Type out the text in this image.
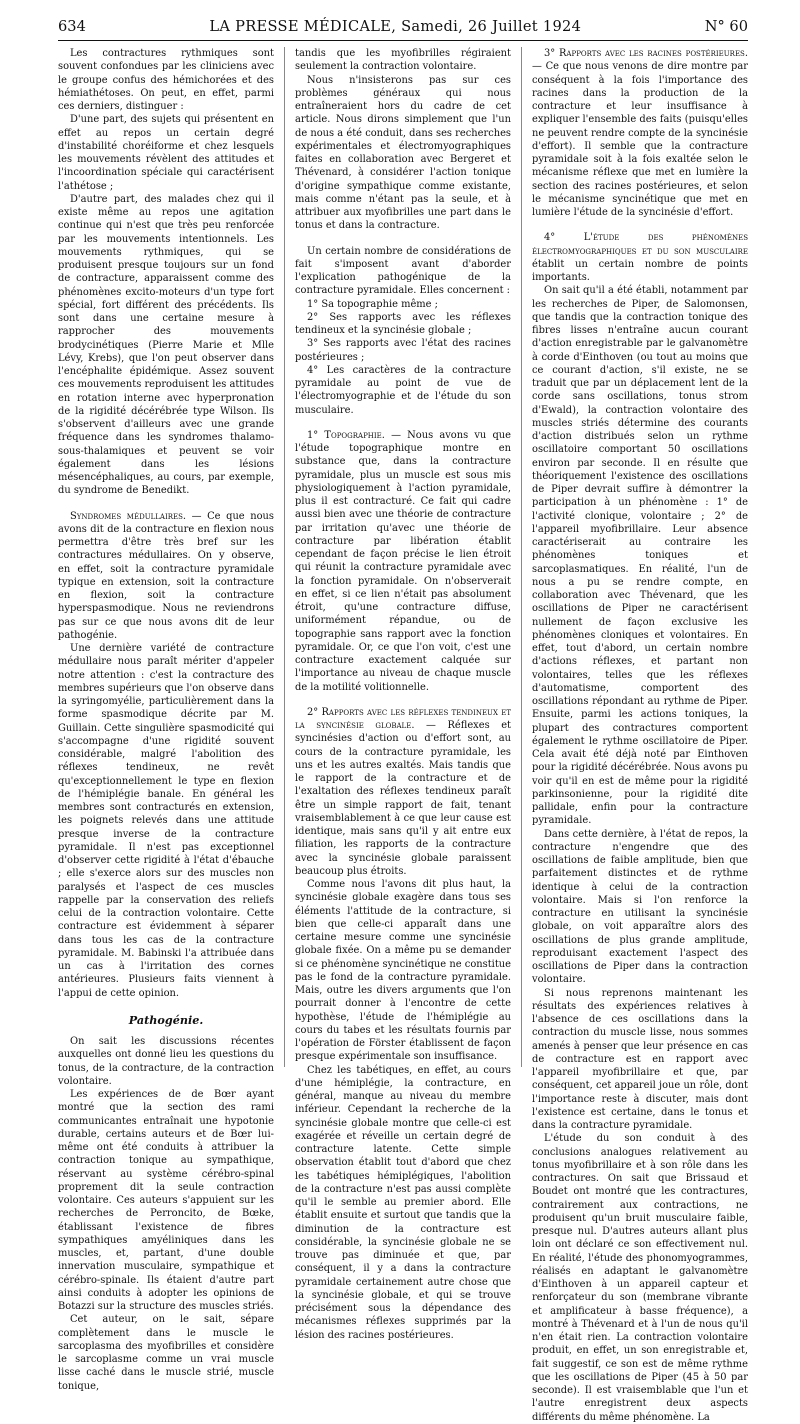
634	LA PRESSE MÉDICALE, Samedi, 26 Juillet 1924	N° 60

Les contractures rythmiques sont souvent confondues par les cliniciens avec le groupe confus des hémichorées et des hémiathétoses. On peut, en effet, parmi ces derniers, distinguer :

D'une part, des sujets qui présentent en effet au repos un certain degré d'instabilité choréiforme et chez lesquels les mouvements révèlent des attitudes et l'incoordination spéciale qui caractérisent l'athétose ;

D'autre part, des malades chez qui il existe même au repos une agitation continue qui n'est que très peu renforcée par les mouvements intentionnels. Les mouvements rythmiques, qui se produisent presque toujours sur un fond de contracture, apparaissent comme des phénomènes excito-moteurs d'un type fort spécial, fort différent des précédents. Ils sont dans une certaine mesure à rapprocher des mouvements brodycinétiques (Pierre Marie et Mlle Lévy, Krebs), que l'on peut observer dans l'encéphalite épidémique. Assez souvent ces mouvements reproduisent les attitudes en rotation interne avec hyperpronation de la rigidité décérébrée type Wilson. Ils s'observent d'ailleurs avec une grande fréquence dans les syndromes thalamo-sous-thalamiques et peuvent se voir également dans les lésions mésencéphaliques, au cours, par exemple, du syndrome de Benedikt.

Syndromes médullaires. — Ce que nous avons dit de la contracture en flexion nous permettra d'être très bref sur les contractures médullaires. On y observe, en effet, soit la contracture pyramidale typique en extension, soit la contracture en flexion, soit la contracture hyperspasmodique. Nous ne reviendrons pas sur ce que nous avons dit de leur pathogénie.

Une dernière variété de contracture médullaire nous paraît mériter d'appeler notre attention : c'est la contracture des membres supérieurs que l'on observe dans la syringomyélie, particulièrement dans la forme spasmodique décrite par M. Guillain. Cette singulière spasmodicité qui s'accompagne d'une rigidité souvent considérable, malgré l'abolition des réflexes tendineux, ne revêt qu'exceptionnellement le type en flexion de l'hémiplégie banale. En général les membres sont contracturés en extension, les poignets relevés dans une attitude presque inverse de la contracture pyramidale. Il n'est pas exceptionnel d'observer cette rigidité à l'état d'ébauche ; elle s'exerce alors sur des muscles non paralysés et l'aspect de ces muscles rappelle par la conservation des reliefs celui de la contraction volontaire. Cette contracture est évidemment à séparer dans tous les cas de la contracture pyramidale. M. Babinski l'a attribuée dans un cas à l'irritation des cornes antérieures. Plusieurs faits viennent à l'appui de cette opinion.

Pathogénie.

On sait les discussions récentes auxquelles ont donné lieu les questions du tonus, de la contracture, de la contraction volontaire.

Les expériences de de Bœr ayant montré que la section des rami communicantes entraînait une hypotonie durable, certains auteurs et de Bœr lui-même ont été conduits à attribuer la contraction tonique au sympathique, réservant au système cérébro-spinal proprement dit la seule contraction volontaire. Ces auteurs s'appuient sur les recherches de Perroncito, de Bœke, établissant l'existence de fibres sympathiques amyéliniques dans les muscles, et, partant, d'une double innervation musculaire, sympathique et cérébro-spinale. Ils étaient d'autre part ainsi conduits à adopter les opinions de Botazzi sur la structure des muscles striés.

Cet auteur, on le sait, sépare complètement dans le muscle le sarcoplasma des myofibrilles et considère le sarcoplasme comme un vrai muscle lisse caché dans le muscle strié, muscle tonique,

tandis que les myofibrilles régiraient seulement la contraction volontaire.

Nous n'insisterons pas sur ces problèmes généraux qui nous entraîneraient hors du cadre de cet article. Nous dirons simplement que l'un de nous a été conduit, dans ses recherches expérimentales et électromyographiques faites en collaboration avec Bergeret et Thévenard, à considérer l'action tonique d'origine sympathique comme existante, mais comme n'étant pas la seule, et à attribuer aux myofibrilles une part dans le tonus et dans la contracture.

Un certain nombre de considérations de fait s'imposent avant d'aborder l'explication pathogénique de la contracture pyramidale. Elles concernent :

1° Sa topographie même ;

2° Ses rapports avec les réflexes tendineux et la syncinésie globale ;

3° Ses rapports avec l'état des racines postérieures ;

4° Les caractères de la contracture pyramidale au point de vue de l'électromyographie et de l'étude du son musculaire.

1° Topographie. — Nous avons vu que l'étude topographique montre en substance que, dans la contracture pyramidale, plus un muscle est sous mis physiologiquement à l'action pyramidale, plus il est contracturé. Ce fait qui cadre aussi bien avec une théorie de contracture par irritation qu'avec une théorie de contracture par libération établit cependant de façon précise le lien étroit qui réunit la contracture pyramidale avec la fonction pyramidale. On n'observerait en effet, si ce lien n'était pas absolument étroit, qu'une contracture diffuse, uniformément répandue, ou de topographie sans rapport avec la fonction pyramidale. Or, ce que l'on voit, c'est une contracture exactement calquée sur l'importance au niveau de chaque muscle de la motilité volitionnelle.

2° Rapports avec les réflexes tendineux et la syncinésie globale. — Réflexes et syncinésies d'action ou d'effort sont, au cours de la contracture pyramidale, les uns et les autres exaltés. Mais tandis que le rapport de la contracture et de l'exaltation des réflexes tendineux paraît être un simple rapport de fait, tenant vraisemblablement à ce que leur cause est identique, mais sans qu'il y ait entre eux filiation, les rapports de la contracture avec la syncinésie globale paraissent beaucoup plus étroits.

Comme nous l'avons dit plus haut, la syncinésie globale exagère dans tous ses éléments l'attitude de la contracture, si bien que celle-ci apparaît dans une certaine mesure comme une syncinésie globale fixée. On a même pu se demander si ce phénomène syncinétique ne constitue pas le fond de la contracture pyramidale. Mais, outre les divers arguments que l'on pourrait donner à l'encontre de cette hypothèse, l'étude de l'hémiplégie au cours du tabes et les résultats fournis par l'opération de Förster établissent de façon presque expérimentale son insuffisance.

Chez les tabétiques, en effet, au cours d'une hémiplégie, la contracture, en général, manque au niveau du membre inférieur. Cependant la recherche de la syncinésie globale montre que celle-ci est exagérée et réveille un certain degré de contracture latente. Cette simple observation établit tout d'abord que chez les tabétiques hémiplégiques, l'abolition de la contracture n'est pas aussi complète qu'il le semble au premier abord. Elle établit ensuite et surtout que tandis que la diminution de la contracture est considérable, la syncinésie globale ne se trouve pas diminuée et que, par conséquent, il y a dans la contracture pyramidale certainement autre chose que la syncinésie globale, et qui se trouve précisément sous la dépendance des mécanismes réflexes supprimés par la lésion des racines postérieures.

3° Rapports avec les racines postérieures. — Ce que nous venons de dire montre par conséquent à la fois l'importance des racines dans la production de la contracture et leur insuffisance à expliquer l'ensemble des faits (puisqu'elles ne peuvent rendre compte de la syncinésie d'effort). Il semble que la contracture pyramidale soit à la fois exaltée selon le mécanisme réflexe que met en lumière la section des racines postérieures, et selon le mécanisme syncinétique que met en lumière l'étude de la syncinésie d'effort.

4° L'étude des phénomènes électromyographiques et du son musculaire établit un certain nombre de points importants.

On sait qu'il a été établi, notamment par les recherches de Piper, de Salomonsen, que tandis que la contraction tonique des fibres lisses n'entraîne aucun courant d'action enregistrable par le galvanomètre à corde d'Einthoven (ou tout au moins que ce courant d'action, s'il existe, ne se traduit que par un déplacement lent de la corde sans oscillations, tonus strom d'Ewald), la contraction volontaire des muscles striés détermine des courants d'action distribués selon un rythme oscillatoire comportant 50 oscillations environ par seconde. Il en résulte que théoriquement l'existence des oscillations de Piper devrait suffire à démontrer la participation à un phénomène : 1° de l'activité clonique, volontaire ; 2° de l'appareil myofibrillaire. Leur absence caractériserait au contraire les phénomènes toniques et sarcoplasmatiques. En réalité, l'un de nous a pu se rendre compte, en collaboration avec Thévenard, que les oscillations de Piper ne caractérisent nullement de façon exclusive les phénomènes cloniques et volontaires. En effet, tout d'abord, un certain nombre d'actions réflexes, et partant non volontaires, telles que les réflexes d'automatisme, comportent des oscillations répondant au rythme de Piper. Ensuite, parmi les actions toniques, la plupart des contractures comportent également le rythme oscillatoire de Piper. Cela avait été déjà noté par Einthoven pour la rigidité décérébrée. Nous avons pu voir qu'il en est de même pour la rigidité parkinsonienne, pour la rigidité dite pallidale, enfin pour la contracture pyramidale.

Dans cette dernière, à l'état de repos, la contracture n'engendre que des oscillations de faible amplitude, bien que parfaitement distinctes et de rythme identique à celui de la contraction volontaire. Mais si l'on renforce la contracture en utilisant la syncinésie globale, on voit apparaître alors des oscillations de plus grande amplitude, reproduisant exactement l'aspect des oscillations de Piper dans la contraction volontaire.

Si nous reprenons maintenant les résultats des expériences relatives à l'absence de ces oscillations dans la contraction du muscle lisse, nous sommes amenés à penser que leur présence en cas de contracture est en rapport avec l'appareil myofibrillaire et que, par conséquent, cet appareil joue un rôle, dont l'importance reste à discuter, mais dont l'existence est certaine, dans le tonus et dans la contracture pyramidale.

L'étude du son conduit à des conclusions analogues relativement au tonus myofibrillaire et à son rôle dans les contractures. On sait que Brissaud et Boudet ont montré que les contractures, contrairement aux contractions, ne produisent qu'un bruit musculaire faible, presque nul. D'autres auteurs allant plus loin ont déclaré ce son effectivement nul. En réalité, l'étude des phonomyogrammes, réalisés en adaptant le galvanomètre d'Einthoven à un appareil capteur et renforçateur du son (membrane vibrante et amplificateur à basse fréquence), a montré à Thévenard et à l'un de nous qu'il n'en était rien. La contraction volontaire produit, en effet, un son enregistrable et, fait suggestif, ce son est de même rythme que les oscillations de Piper (45 à 50 par seconde). Il est vraisemblable que l'un et l'autre enregistrent deux aspects différents du même phénomène. La
